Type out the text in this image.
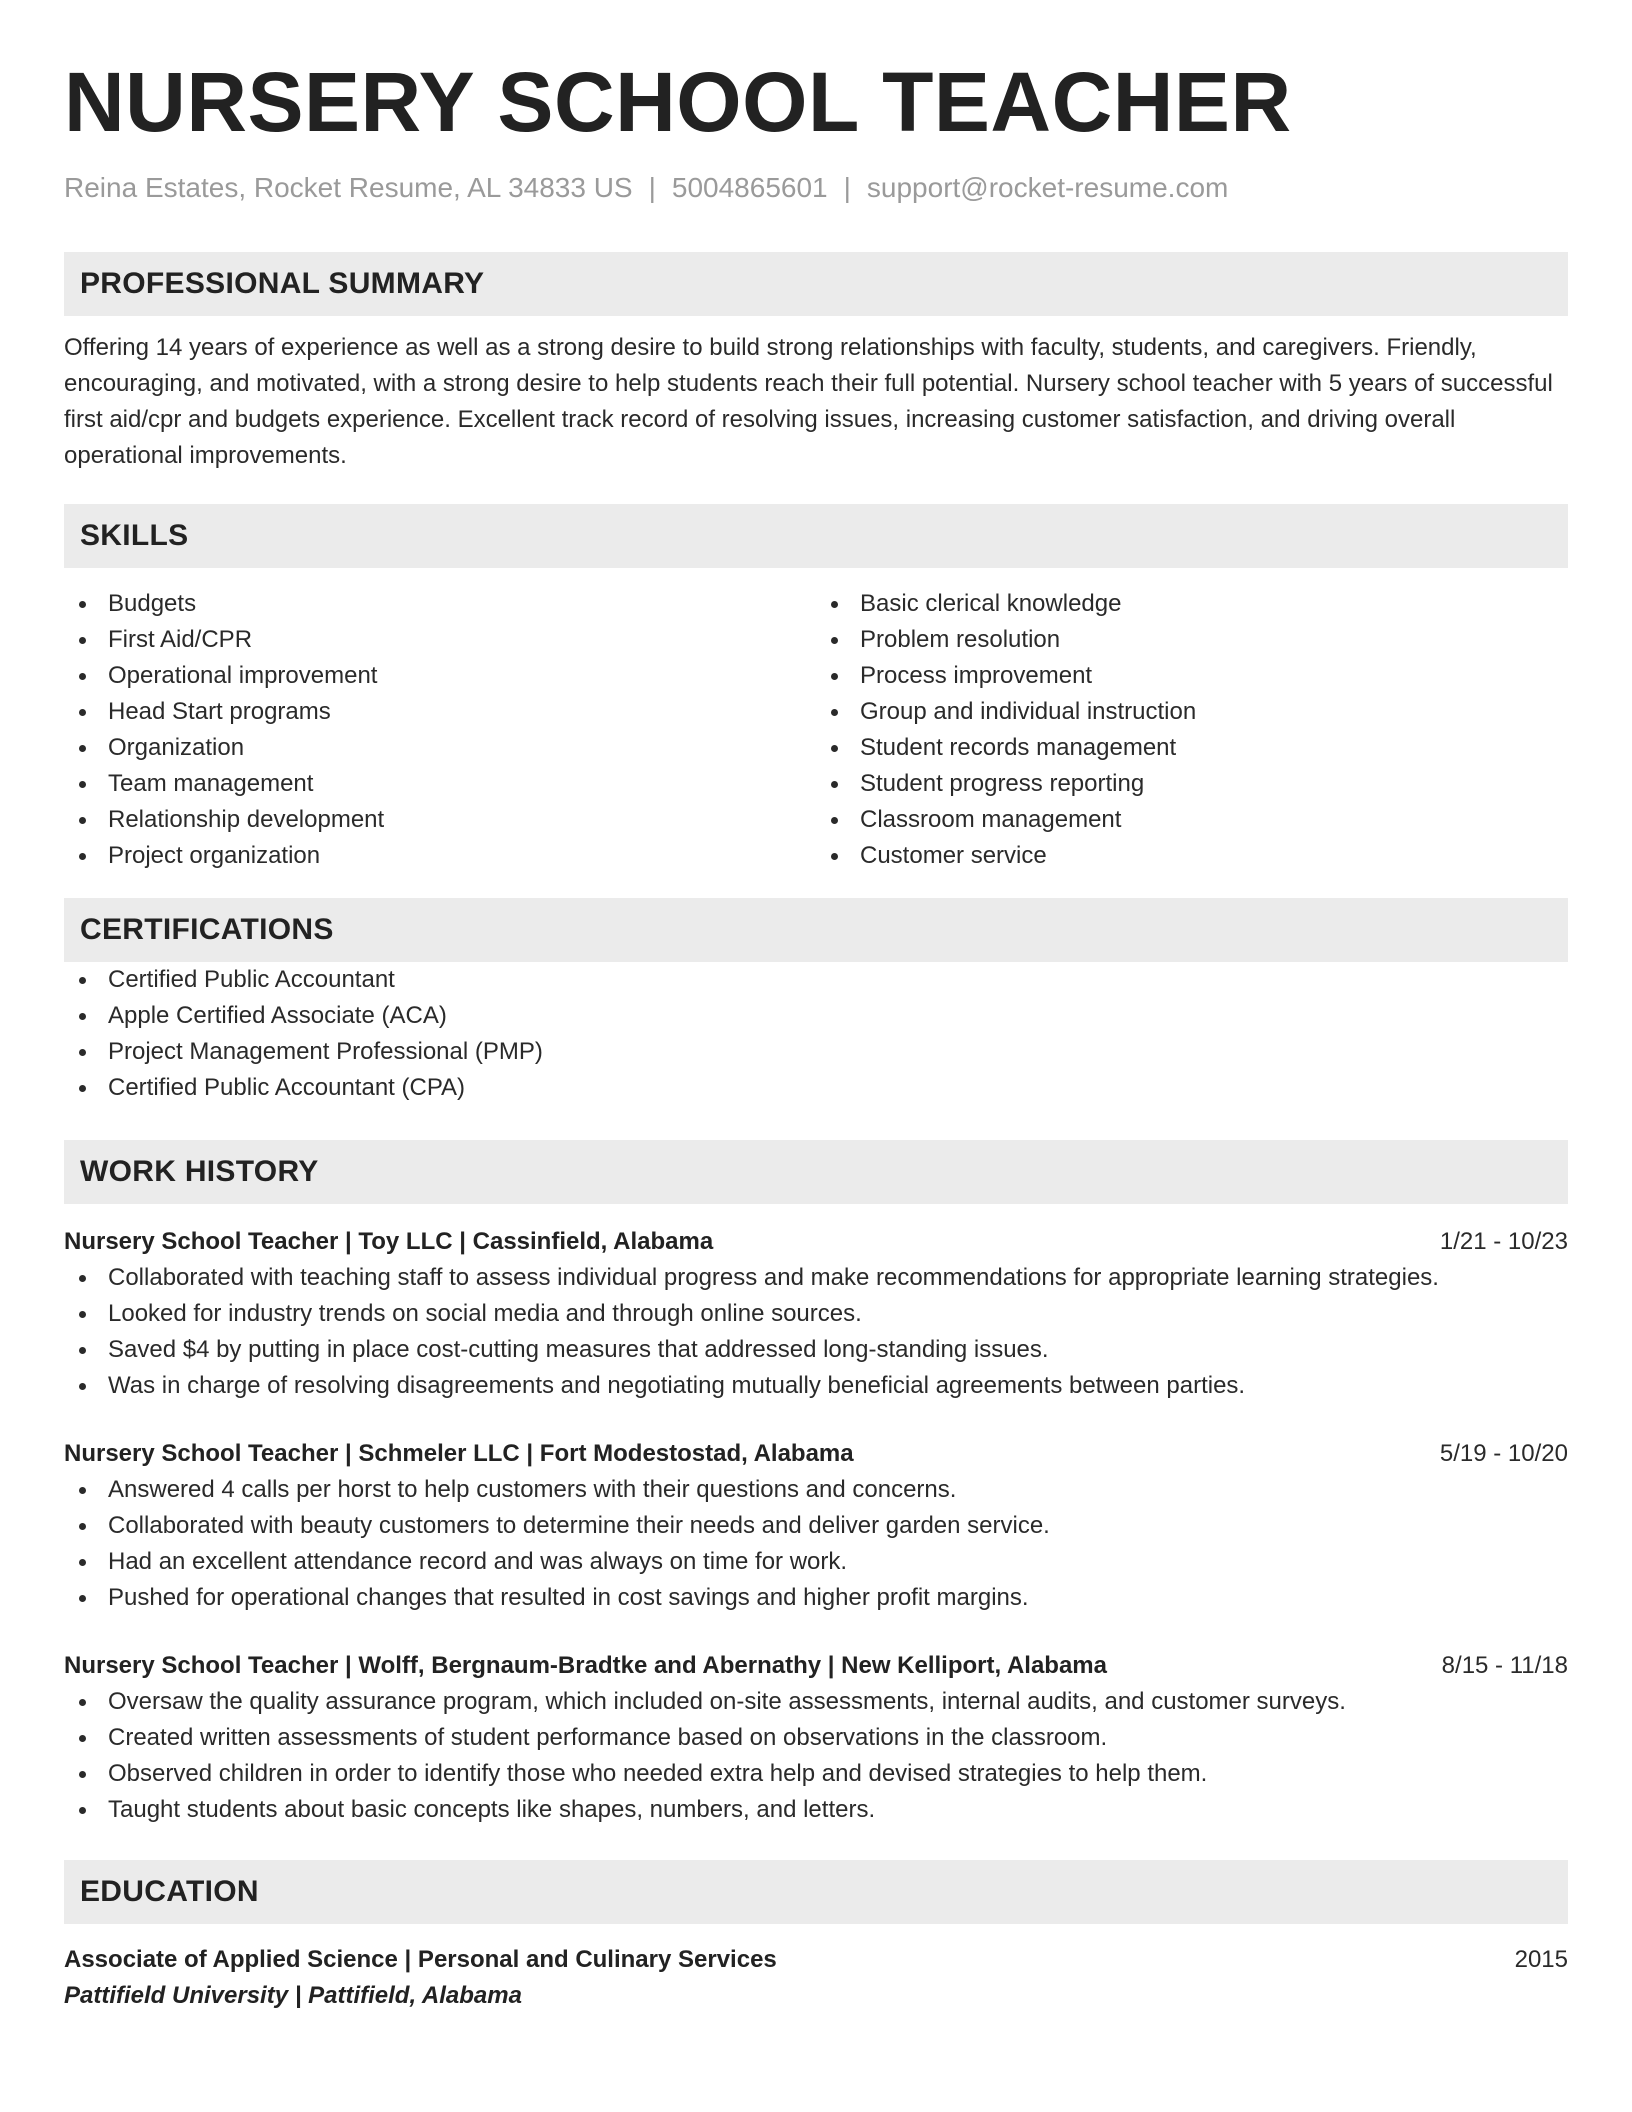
NURSERY SCHOOL TEACHER
Reina Estates, Rocket Resume, AL 34833 US | 5004865601 | support@rocket-resume.com
PROFESSIONAL SUMMARY

Offering 14 years of experience as well as a strong desire to build strong relationships with faculty, students, and caregivers. Friendly, encouraging, and motivated, with a strong desire to help students reach their full potential. Nursery school teacher with 5 years of successful first aid/cpr and budgets experience. Excellent track record of resolving issues, increasing customer satisfaction, and driving overall operational improvements.

SKILLS
Budgets
First Aid/CPR
Operational improvement
Head Start programs
Organization
Team management
Relationship development
Project organization
Basic clerical knowledge
Problem resolution
Process improvement
Group and individual instruction
Student records management
Student progress reporting
Classroom management
Customer service
CERTIFICATIONS
Certified Public Accountant
Apple Certified Associate (ACA)
Project Management Professional (PMP)
Certified Public Accountant (CPA)
WORK HISTORY
Nursery School Teacher | Toy LLC | Cassinfield, Alabama	1/21 - 10/23
Collaborated with teaching staff to assess individual progress and make recommendations for appropriate learning strategies.
Looked for industry trends on social media and through online sources.
Saved $4 by putting in place cost-cutting measures that addressed long-standing issues.
Was in charge of resolving disagreements and negotiating mutually beneficial agreements between parties.
Nursery School Teacher | Schmeler LLC | Fort Modestostad, Alabama	5/19 - 10/20
Answered 4 calls per horst to help customers with their questions and concerns.
Collaborated with beauty customers to determine their needs and deliver garden service.
Had an excellent attendance record and was always on time for work.
Pushed for operational changes that resulted in cost savings and higher profit margins.
Nursery School Teacher | Wolff, Bergnaum-Bradtke and Abernathy | New Kelliport, Alabama	8/15 - 11/18
Oversaw the quality assurance program, which included on-site assessments, internal audits, and customer surveys.
Created written assessments of student performance based on observations in the classroom.
Observed children in order to identify those who needed extra help and devised strategies to help them.
Taught students about basic concepts like shapes, numbers, and letters.
EDUCATION
Associate of Applied Science | Personal and Culinary Services	2015
Pattifield University | Pattifield, Alabama
